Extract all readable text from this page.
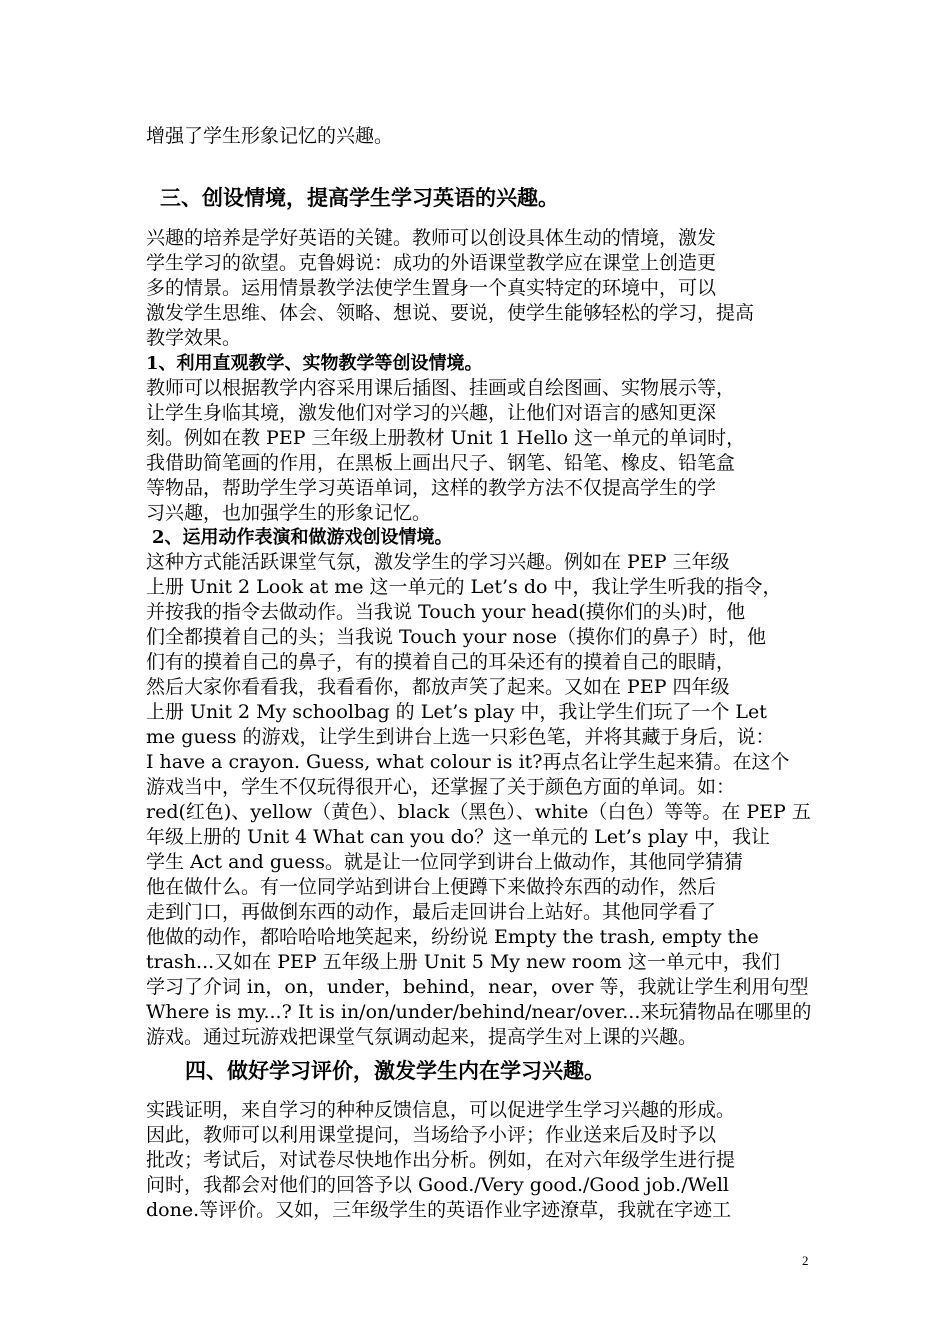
增强了学生形象记忆的兴趣。

三、创设情境，提高学生学习英语的兴趣。

兴趣的培养是学好英语的关键。教师可以创设具体生动的情境，激发
学生学习的欲望。克鲁姆说：成功的外语课堂教学应在课堂上创造更
多的情景。运用情景教学法使学生置身一个真实特定的环境中，可以
激发学生思维、体会、领略、想说、要说，使学生能够轻松的学习，提高
教学效果。

1、利用直观教学、实物教学等创设情境。

教师可以根据教学内容采用课后插图、挂画或自绘图画、实物展示等，
让学生身临其境，激发他们对学习的兴趣，让他们对语言的感知更深
刻。例如在教 PEP 三年级上册教材 Unit 1 Hello 这一单元的单词时，
我借助简笔画的作用，在黑板上画出尺子、钢笔、铅笔、橡皮、铅笔盒
等物品，帮助学生学习英语单词，这样的教学方法不仅提高学生的学
习兴趣，也加强学生的形象记忆。

2、运用动作表演和做游戏创设情境。

这种方式能活跃课堂气氛，激发学生的学习兴趣。例如在 PEP 三年级
上册 Unit 2 Look at me 这一单元的 Let’s do 中，我让学生听我的指令，
并按我的指令去做动作。当我说 Touch your head(摸你们的头)时，他
们全都摸着自己的头；当我说 Touch your nose（摸你们的鼻子）时，他
们有的摸着自己的鼻子，有的摸着自己的耳朵还有的摸着自己的眼睛，
然后大家你看看我，我看看你，都放声笑了起来。又如在 PEP 四年级
上册 Unit 2 My schoolbag 的 Let’s play 中，我让学生们玩了一个 Let
me guess 的游戏，让学生到讲台上选一只彩色笔，并将其藏于身后，说：
I have a crayon. Guess, what colour is it?再点名让学生起来猜。在这个
游戏当中，学生不仅玩得很开心，还掌握了关于颜色方面的单词。如：
red(红色)、yellow（黄色）、black（黑色）、white（白色）等等。在 PEP 五
年级上册的 Unit 4 What can you do？这一单元的 Let’s play 中，我让
学生 Act and guess。就是让一位同学到讲台上做动作，其他同学猜猜
他在做什么。有一位同学站到讲台上便蹲下来做拎东西的动作，然后
走到门口，再做倒东西的动作，最后走回讲台上站好。其他同学看了
他做的动作，都哈哈哈地笑起来，纷纷说 Empty the trash, empty the
trash...又如在 PEP 五年级上册 Unit 5 My new room 这一单元中，我们
学习了介词 in，on，under，behind，near，over 等，我就让学生利用句型
Where is my...? It is in/on/under/behind/near/over...来玩猜物品在哪里的
游戏。通过玩游戏把课堂气氛调动起来，提高学生对上课的兴趣。

四、做好学习评价，激发学生内在学习兴趣。

实践证明，来自学习的种种反馈信息，可以促进学生学习兴趣的形成。
因此，教师可以利用课堂提问，当场给予小评；作业送来后及时予以
批改；考试后，对试卷尽快地作出分析。例如，在对六年级学生进行提
问时，我都会对他们的回答予以 Good./Very good./Good job./Well
done.等评价。又如，三年级学生的英语作业字迹潦草，我就在字迹工

2
